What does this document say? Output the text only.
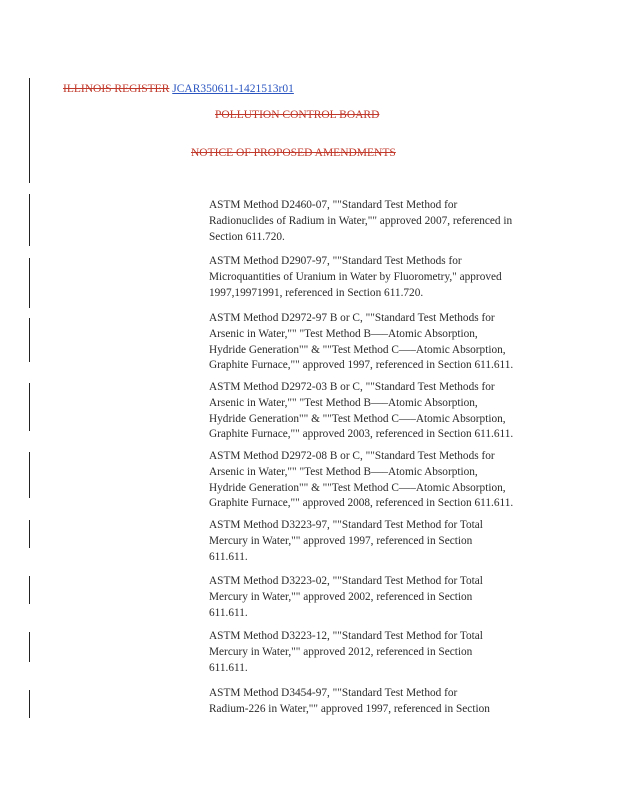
ILLINOIS REGISTER JCAR350611-1421513r01
POLLUTION CONTROL BOARD
NOTICE OF PROPOSED AMENDMENTS
ASTM Method D2460-07, ""Standard Test Method for
Radionuclides of Radium in Water,"" approved 2007, referenced in
Section 611.720.
ASTM Method D2907-97, ""Standard Test Methods for
Microquantities of Uranium in Water by Fluorometry," approved
1997,19971991, referenced in Section 611.720.
ASTM Method D2972-97 B or C, ""Standard Test Methods for
Arsenic in Water,"" "Test Method B—–Atomic Absorption,
Hydride Generation"" & ""Test Method C—–Atomic Absorption,
Graphite Furnace,"" approved 1997, referenced in Section 611.611.
ASTM Method D2972-03 B or C, ""Standard Test Methods for
Arsenic in Water,"" "Test Method B—–Atomic Absorption,
Hydride Generation"" & ""Test Method C—–Atomic Absorption,
Graphite Furnace,"" approved 2003, referenced in Section 611.611.
ASTM Method D2972-08 B or C, ""Standard Test Methods for
Arsenic in Water,"" "Test Method B—–Atomic Absorption,
Hydride Generation"" & ""Test Method C—–Atomic Absorption,
Graphite Furnace,"" approved 2008, referenced in Section 611.611.
ASTM Method D3223-97, ""Standard Test Method for Total
Mercury in Water,"" approved 1997, referenced in Section
611.611.
ASTM Method D3223-02, ""Standard Test Method for Total
Mercury in Water,"" approved 2002, referenced in Section
611.611.
ASTM Method D3223-12, ""Standard Test Method for Total
Mercury in Water,"" approved 2012, referenced in Section
611.611.
ASTM Method D3454-97, ""Standard Test Method for
Radium-226 in Water,"" approved 1997, referenced in Section
